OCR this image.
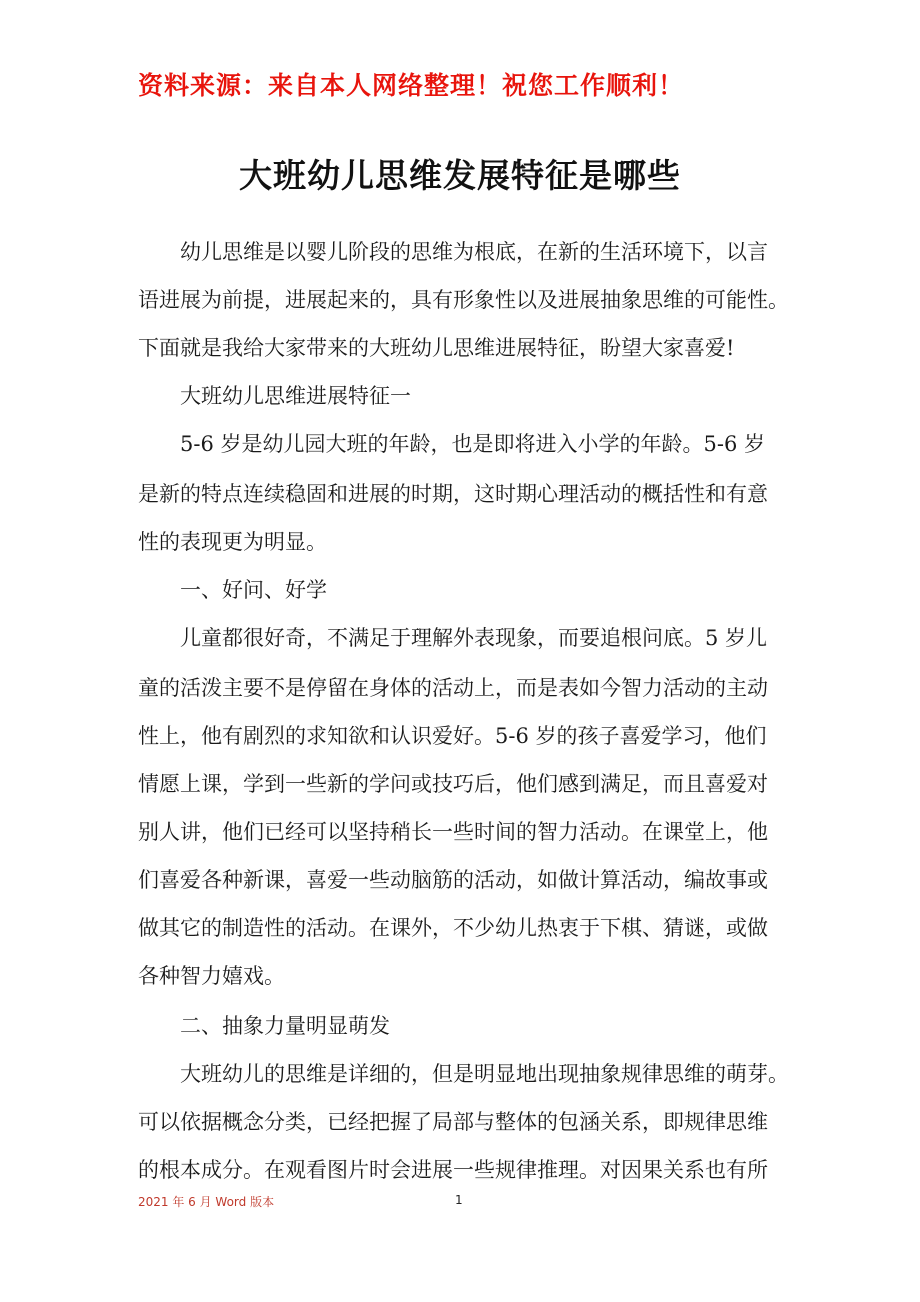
资料来源：来自本人网络整理！祝您工作顺利！
大班幼儿思维发展特征是哪些
幼儿思维是以婴儿阶段的思维为根底，在新的生活环境下，以言
语进展为前提，进展起来的，具有形象性以及进展抽象思维的可能性。
下面就是我给大家带来的大班幼儿思维进展特征，盼望大家喜爱!
大班幼儿思维进展特征一
5-6 岁是幼儿园大班的年龄，也是即将进入小学的年龄。5-6 岁
是新的特点连续稳固和进展的时期，这时期心理活动的概括性和有意
性的表现更为明显。
一、好问、好学
儿童都很好奇，不满足于理解外表现象，而要追根问底。5 岁儿
童的活泼主要不是停留在身体的活动上，而是表如今智力活动的主动
性上，他有剧烈的求知欲和认识爱好。5-6 岁的孩子喜爱学习，他们
情愿上课，学到一些新的学问或技巧后，他们感到满足，而且喜爱对
别人讲，他们已经可以坚持稍长一些时间的智力活动。在课堂上，他
们喜爱各种新课，喜爱一些动脑筋的活动，如做计算活动，编故事或
做其它的制造性的活动。在课外，不少幼儿热衷于下棋、猜谜，或做
各种智力嬉戏。
二、抽象力量明显萌发
大班幼儿的思维是详细的，但是明显地出现抽象规律思维的萌芽。
可以依据概念分类，已经把握了局部与整体的包涵关系，即规律思维
的根本成分。在观看图片时会进展一些规律推理。对因果关系也有所
2021 年 6 月 Word 版本	1
